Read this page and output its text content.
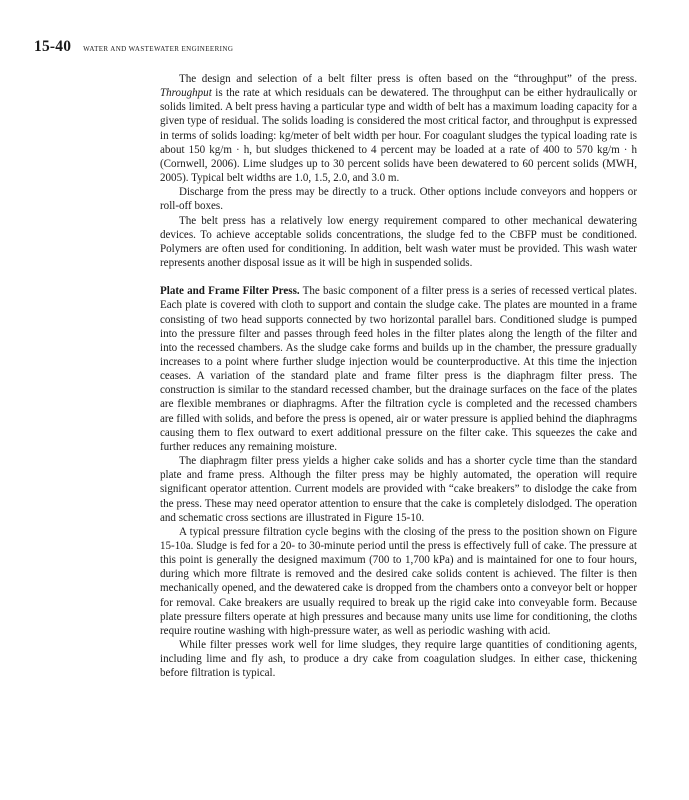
15-40 WATER AND WASTEWATER ENGINEERING

The design and selection of a belt filter press is often based on the “throughput” of the press. Throughput is the rate at which residuals can be dewatered. The throughput can be either hydraulically or solids limited. A belt press having a particular type and width of belt has a maximum loading capacity for a given type of residual. The solids loading is considered the most critical factor, and throughput is expressed in terms of solids loading: kg/meter of belt width per hour. For coagulant sludges the typical loading rate is about 150 kg/m · h, but sludges thickened to 4 percent may be loaded at a rate of 400 to 570 kg/m · h (Cornwell, 2006). Lime sludges up to 30 percent solids have been dewatered to 60 percent solids (MWH, 2005). Typical belt widths are 1.0, 1.5, 2.0, and 3.0 m.

Discharge from the press may be directly to a truck. Other options include conveyors and hoppers or roll-off boxes.

The belt press has a relatively low energy requirement compared to other mechanical dewatering devices. To achieve acceptable solids concentrations, the sludge fed to the CBFP must be conditioned. Polymers are often used for conditioning. In addition, belt wash water must be provided. This wash water represents another disposal issue as it will be high in suspended solids.

Plate and Frame Filter Press. The basic component of a filter press is a series of recessed vertical plates. Each plate is covered with cloth to support and contain the sludge cake. The plates are mounted in a frame consisting of two head supports connected by two horizontal parallel bars. Conditioned sludge is pumped into the pressure filter and passes through feed holes in the filter plates along the length of the filter and into the recessed chambers. As the sludge cake forms and builds up in the chamber, the pressure gradually increases to a point where further sludge injection would be counterproductive. At this time the injection ceases. A variation of the standard plate and frame filter press is the diaphragm filter press. The construction is similar to the standard recessed chamber, but the drainage surfaces on the face of the plates are flexible membranes or diaphragms. After the filtration cycle is completed and the recessed chambers are filled with solids, and before the press is opened, air or water pressure is applied behind the diaphragms causing them to flex outward to exert additional pressure on the filter cake. This squeezes the cake and further reduces any remaining moisture.

The diaphragm filter press yields a higher cake solids and has a shorter cycle time than the standard plate and frame press. Although the filter press may be highly automated, the operation will require significant operator attention. Current models are provided with “cake breakers” to dislodge the cake from the press. These may need operator attention to ensure that the cake is completely dislodged. The operation and schematic cross sections are illustrated in Figure 15-10.

A typical pressure filtration cycle begins with the closing of the press to the position shown on Figure 15-10a. Sludge is fed for a 20- to 30-minute period until the press is effectively full of cake. The pressure at this point is generally the designed maximum (700 to 1,700 kPa) and is maintained for one to four hours, during which more filtrate is removed and the desired cake solids content is achieved. The filter is then mechanically opened, and the dewatered cake is dropped from the chambers onto a conveyor belt or hopper for removal. Cake breakers are usually required to break up the rigid cake into conveyable form. Because plate pressure filters operate at high pressures and because many units use lime for conditioning, the cloths require routine washing with high-pressure water, as well as periodic washing with acid.

While filter presses work well for lime sludges, they require large quantities of conditioning agents, including lime and fly ash, to produce a dry cake from coagulation sludges. In either case, thickening before filtration is typical.
